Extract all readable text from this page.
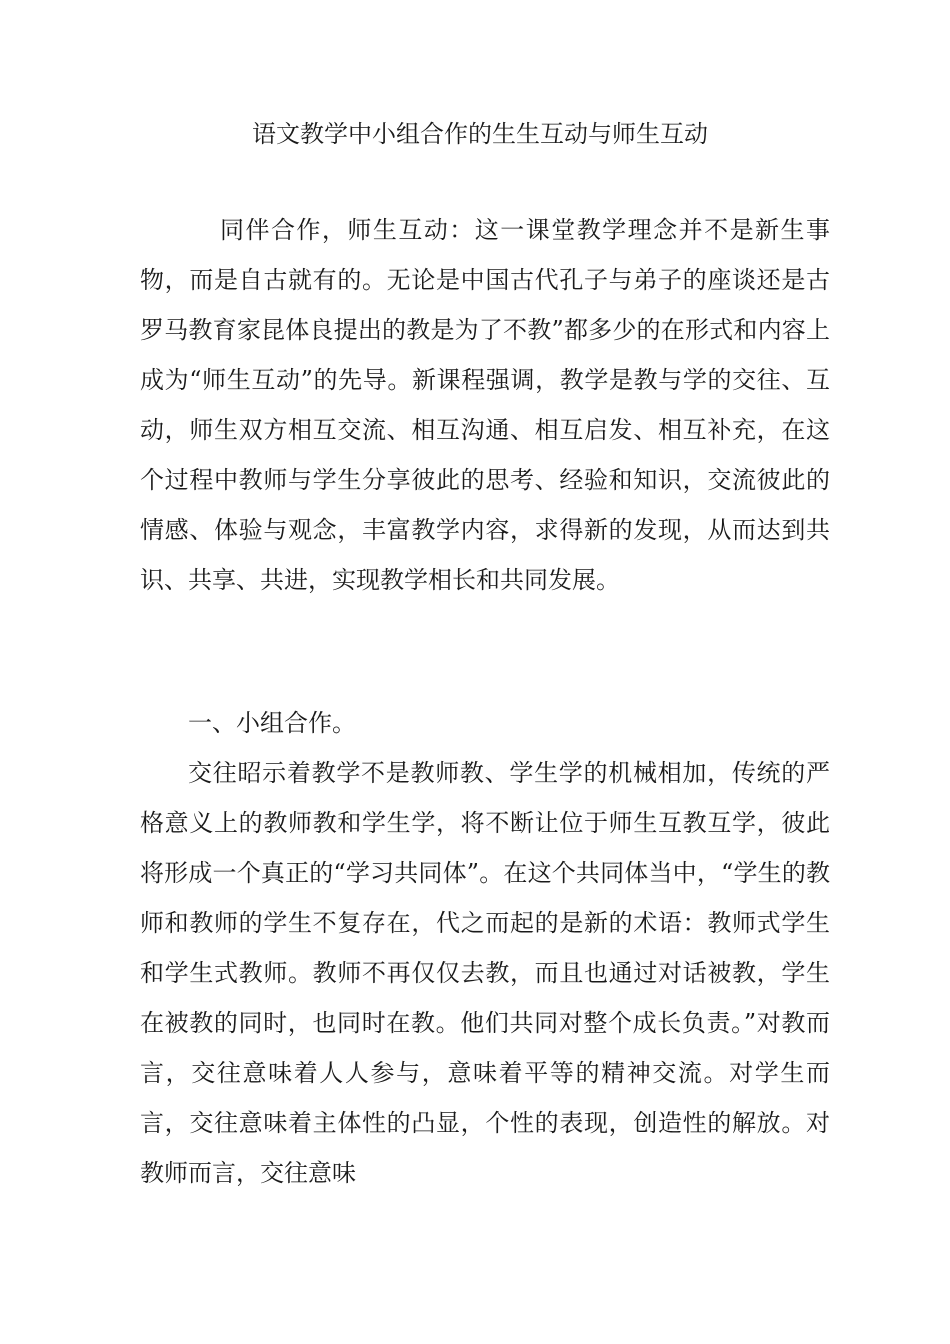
语文教学中小组合作的生生互动与师生互动

同伴合作，师生互动：这一课堂教学理念并不是新生事物，而是自古就有的。无论是中国古代孔子与弟子的座谈还是古罗马教育家昆体良提出的教是为了不教”都多少的在形式和内容上成为“师生互动”的先导。新课程强调，教学是教与学的交往、互动，师生双方相互交流、相互沟通、相互启发、相互补充，在这个过程中教师与学生分享彼此的思考、经验和知识，交流彼此的情感、体验与观念，丰富教学内容，求得新的发现，从而达到共识、共享、共进，实现教学相长和共同发展。

一、小组合作。

交往昭示着教学不是教师教、学生学的机械相加，传统的严格意义上的教师教和学生学，将不断让位于师生互教互学，彼此将形成一个真正的“学习共同体”。在这个共同体当中，“学生的教师和教师的学生不复存在，代之而起的是新的术语：教师式学生和学生式教师。教师不再仅仅去教，而且也通过对话被教，学生在被教的同时，也同时在教。他们共同对整个成长负责。”对教而言，交往意味着人人参与，意味着平等的精神交流。对学生而言，交往意味着主体性的凸显，个性的表现，创造性的解放。对教师而言，交往意味
